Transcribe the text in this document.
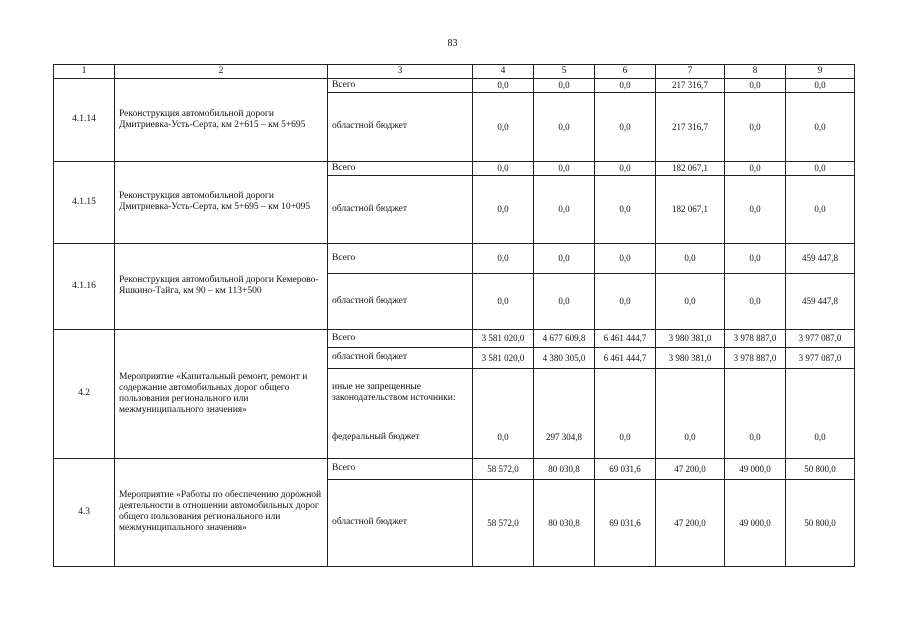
83
1	2	3	4	5	6	7	8	9
4.1.14	Реконструкция автомобильной дороги Дмитриевка-Усть-Серта, км 2+615 – км 5+695	Всего	0,0	0,0	0,0	217 316,7	0,0	0,0
		областной бюджет	0,0	0,0	0,0	217 316,7	0,0	0,0
4.1.15	Реконструкция автомобильной дороги Дмитриевка-Усть-Серта, км 5+695 – км 10+095	Всего	0,0	0,0	0,0	182 067,1	0,0	0,0
		областной бюджет	0,0	0,0	0,0	182 067,1	0,0	0,0
4.1.16	Реконструкция автомобильной дороги Кемерово-Яшкино-Тайга, км 90 – км 113+500	Всего	0,0	0,0	0,0	0,0	0,0	459 447,8
		областной бюджет	0,0	0,0	0,0	0,0	0,0	459 447,8
4.2	Мероприятие «Капитальный ремонт, ремонт и содержание автомобильных дорог общего пользования регионального или межмуниципального значения»	Всего	3 581 020,0	4 677 609,8	6 461 444,7	3 980 381,0	3 978 887,0	3 977 087,0
		областной бюджет	3 581 020,0	4 380 305,0	6 461 444,7	3 980 381,0	3 978 887,0	3 977 087,0
		иные не запрещенные законодательством источники:						
		федеральный бюджет	0,0	297 304,8	0,0	0,0	0,0	0,0
4.3	Мероприятие «Работы по обеспечению дорожной деятельности в отношении автомобильных дорог общего пользования регионального или межмуниципального значения»	Всего	58 572,0	80 030,8	69 031,6	47 200,0	49 000,0	50 800,0
		областной бюджет	58 572,0	80 030,8	69 031,6	47 200,0	49 000,0	50 800,0
